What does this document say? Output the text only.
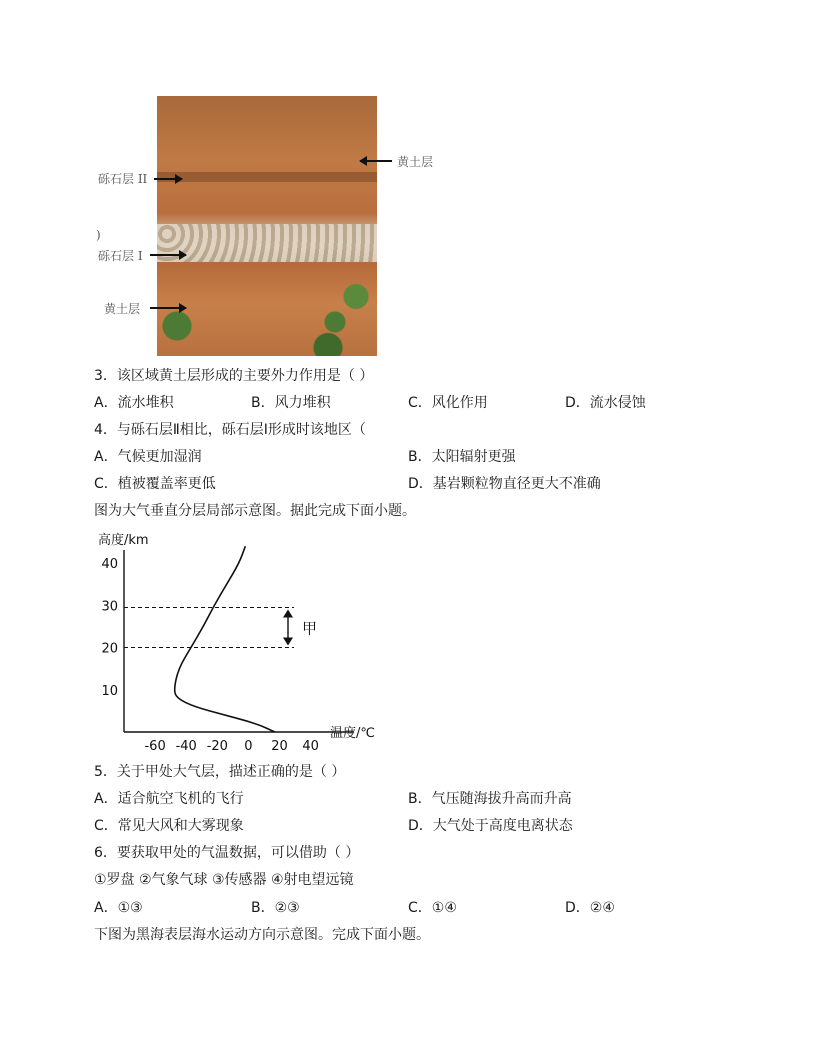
砾石层 II
黄土层
)
砾石层 I
黄土层
3．该区域黄土层形成的主要外力作用是（ ）
A．流水堆积	B．风力堆积	C．风化作用	D．流水侵蚀
4．与砾石层Ⅱ相比，砾石层Ⅰ形成时该地区（
A．气候更加湿润	B．太阳辐射更强
C．植被覆盖率更低	D．基岩颗粒物直径更大不准确
图为大气垂直分层局部示意图。据此完成下面小题。
-60 -40 -20 0 20 40
10
20
30
40
高度/km
温度/℃
甲
5．关于甲处大气层，描述正确的是（ ）
A．适合航空飞机的飞行	B．气压随海拔升高而升高
C．常见大风和大雾现象	D．大气处于高度电离状态
6．要获取甲处的气温数据，可以借助（ ）
①罗盘 ②气象气球 ③传感器 ④射电望远镜
A．①③	B．②③	C．①④	D．②④
下图为黑海表层海水运动方向示意图。完成下面小题。
